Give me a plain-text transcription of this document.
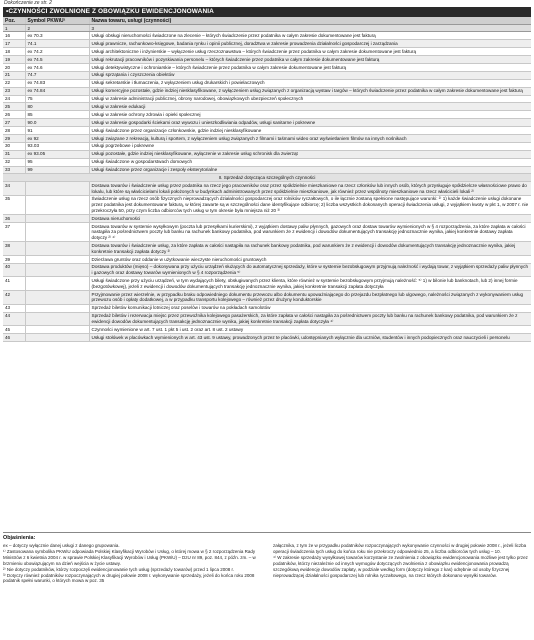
Dokończenie ze str. 2
•CZYNNOŚCI ZWOLNIONE Z OBOWIĄZKU EWIDENCJONOWANIA
Poz.	Symbol PKWiU¹	Nazwa towaru, usługi (czynności)
1	2	3
16	ex 70.3	Usługi obsługi nieruchomości świadczone na zlecenie – których świadczenie przez podatnika w całym zakresie dokumentowane jest fakturą
17	74.1	Usługi prawnicze, rachunkowo-księgowe, badania rynku i opinii publicznej, doradztwa w zakresie prowadzenia działalności gospodarczej i zarządzania
18	ex 74.2	Usługi architektoniczne i inżynierskie – wyłączenie usług rzeczoznawstwa – których świadczenie przez podatnika w całym zakresie dokumentowane jest fakturą
19	ex 74.5	Usługi rekrutacji pracowników i pozyskiwania personelu – których świadczenie przez podatnika w całym zakresie dokumentowane jest fakturą
20	ex 74.6	Usługi detektywistyczne i ochroniarskie – których świadczenie przez podatnika w całym zakresie dokumentowane jest fakturą
21	74.7	Usługi sprzątania i czyszczenia obiektów
22	ex 74.83	Usługi sekretarskie i tłumaczenia, z wyłączeniem usług drukarskich i powielaczowych
23	ex 74.84	Usługi komercyjne pozostałe, gdzie indziej niesklasyfikowane, z wyłączeniem usług związanych z organizacją wystaw i targów – których świadczenie przez podatnika w całym zakresie dokumentowane jest fakturą
24	75	Usługi w zakresie administracji publicznej, obrony narodowej, obowiązkowych ubezpieczeń społecznych
25	80	Usługi w zakresie edukacji
26	85	Usługi w zakresie ochrony zdrowia i opieki społecznej
27	90.0	Usługi w zakresie gospodarki ściekami oraz wywozu i unieszkodliwiania odpadów, usługi sanitarne i pokrewne
28	91	Usługi świadczone przez organizacje członkowskie, gdzie indziej niesklasyfikowane
29	ex 92	Usługi związane z rekreacją, kulturą i sportem, z wyłączeniem usług związanych z filmami i taśmami wideo oraz wyświetlaniem filmów na innych nośnikach
30	93.03	Usługi pogrzebowe i pokrewne
31	ex 93.05	Usługi pozostałe, gdzie indziej niesklasyfikowane, wyłączenie w zakresie usług schronisk dla zwierząt
32	95	Usługi świadczone w gospodarstwach domowych
33	99	Usługi świadczone przez organizacje i zespoły eksterytorialne
II. Sprzedaż dotycząca szczególnych czynności		
34		Dostawa towarów i świadczenie usług przez podatnika na rzecz jego pracowników oraz przez spółdzielnie mieszkaniowe na rzecz członków lub innych osób, których przysługuje spółdzielcze własnościowe prawo do lokalu, lub które są właścicielami lokali położonych w budynkach administrowanych przez spółdzielnie mieszkaniowe, jak również przez wspólnoty mieszkaniowe na rzecz właścicieli lokali ²⁾
35		Świadczenie usług na rzecz osób fizycznych nieprowadzących działalności gospodarczej oraz rolników ryczałtowych, o ile łącznie zostaną spełnione następujące warunki: ²⁾ 1) każde świadczenie usługi dokonane przez podatnika jest dokumentowane fakturą, w której zawarte są w szczególności dane identyfikujące odbiorcę; 2) liczba wszystkich dokonanych operacji świadczenia usługi, z wyjątkiem kwoty w pkt 1, w 2007 r. nie przekroczyła 50, przy czym liczba odbiorców tych usług w tym okresie była mniejsza niż 20 ³⁾
36		Dostawa nieruchomości
37		Dostawa towarów w systemie wysyłkowym (poczta lub przesyłkami kurierskimi), z wyjątkiem dostawy paliw płynnych, gazowych oraz dostaw towarów wymienionych w § 4 rozporządzenia, za które zapłata w całości nastąpiła za pośrednictwem poczty lub banku na rachunek bankowy podatnika, pod warunkiem że z ewidencji i dowodów dokumentujących transakcję jednoznacznie wynika, jakiej konkretnie dostawy zapłata dotyczy ²⁾ ⁴⁾
38		Dostawa towarów i świadczenie usług, za które zapłata w całości nastąpiła na rachunek bankowy podatnika, pod warunkiem że z ewidencji i dowodów dokumentujących transakcję jednoznacznie wynika, jakiej konkretnie transakcji zapłata dotyczy ²⁾
39		Dzierżawa gruntów oraz oddanie w użytkowanie wieczyste nieruchomości gruntowych
40		Dostawa produktów (mięso) – dokonywana przy użyciu urządzeń służących do automatycznej sprzedaży, które w systemie bezobsługowym przyjmują należność i wydają towar, z wyjątkiem sprzedaży paliw płynnych i gazowych oraz dostawy towarów wymienionych w § 4 rozporządzenia ⁵⁾
41		Usługi świadczone przy użyciu urządzeń, w tym wydających bilety, obsługiwanych przez klienta, które również w systemie bezobsługowym przyjmują należność: ⁵⁾ 1) w bilonie lub banknotach, lub 2) innej formie (bezgotówkowej), jeżeli z ewidencji i dowodów dokumentujących transakcję jednoznacznie wynika, jakiej konkretnie transakcji zapłata dotyczyła
42		Przyjmowanie przez wierzelnie, w przypadku braku odpowiedniego dokumentu przewozu albo dokumentu upoważniającego do przejazdu bezpłatnego lub ulgowego, należności związanych z wykonywaniem usług przewozu osób i opłaty dodatkowej, a w przypadku transportu kolejowego – również przez drużyny konduktorskie
43		Sprzedaż biletów komunikacji lotniczej oraz poselów i towarów na pokładach samolotów
44		Sprzedaż biletów i rezerwacja miejsc przez przewoźnika kolejowego pasażerskich, za które zapłata w całości nastąpiła za pośrednictwem poczty lub banku na rachunek bankowy podatnika, pod warunkiem że z ewidencji dowodów dokumentujących transakcję jednoznacznie wynika, jakiej konkretnie transakcji zapłata dotyczyła ⁴⁾
45		Czynności wymienione w art. 7 ust. 1 pkt 5 i ust. 2 oraz art. 8 ust. 2 ustawy
46		Usługi stołówek w placówkach wymienionych w art. 43 ust. 9 ustawy, prowadzonych przez te placówki, udostępnianych wyłącznie dla uczniów, studentów i innych podopiecznych oraz nauczycieli i personelu
Objaśnienia:

ex – dotyczy wyłącznie danej usługi z danego grupowania.

¹⁾ Zastosowana symbolika PKWiU odpowiada Polskiej Klasyfikacji Wyrobów i Usług, o której mowa w § 2 rozporządzenia Rady Ministrów z 6 kwietnia 2004 r. w sprawie Polskiej Klasyfikacji Wyrobów i Usług (PKWiU) – DzU nr 89, poz. 844, z późn. zm. – w brzmieniu obowiązującym na dzień wejścia w życie ustawy.

²⁾ Nie dotyczy podatników, którzy rozpoczęli ewidencjonowanie tych usług (sprzedaży towarów) przed 1 lipca 2008 r.

³⁾ Dotyczy również podatników rozpoczynających w drugiej połowie 2008 r. wykonywanie sprzedaży, jeżeli do końca roku 2008 podatnik spełni warunki, o których mowa w poz. 35

załącznika, z tym że w przypadku podatników rozpoczynających wykonywanie czynności w drugiej połowie 2008 r., jeżeli liczba operacji świadczenia tych usług do końca roku nie przekroczy odpowiednio 25, a liczba odbiorców tych usług – 10.

⁴⁾ W zakresie sprzedaży wysyłkowej towarów korzystanie ze zwolnienia z obowiązku ewidencjonowania możliwe jest tylko przez podatników, którzy niezależnie od innych wymogów dotyczących zwolnienia z obowiązku ewidencjonowania prowadzą szczegółową ewidencję dowodów zapłaty, w podziale według form (dotyczy którego z kas) odrębnie od osoby fizycznej nieprowadzącej działalności gospodarczej lub rolnika ryczałtowego, na rzecz których dokonano wysyłki towarów.
